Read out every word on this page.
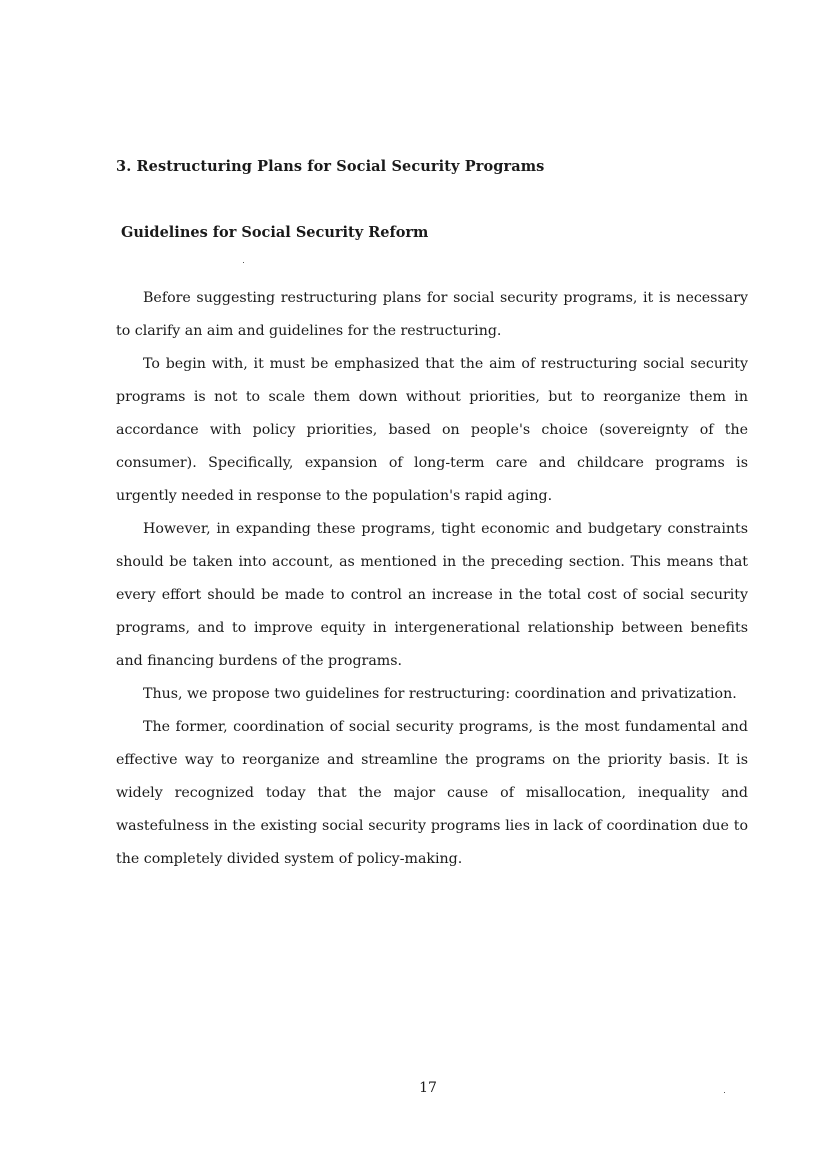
3. Restructuring Plans for Social Security Programs
Guidelines for Social Security Reform

Before suggesting restructuring plans for social security programs, it is necessary to clarify an aim and guidelines for the restructuring.

To begin with, it must be emphasized that the aim of restructuring social security programs is not to scale them down without priorities, but to reorganize them in accordance with policy priorities, based on people's choice (sovereignty of the consumer). Specifically, expansion of long-term care and childcare programs is urgently needed in response to the population's rapid aging.

However, in expanding these programs, tight economic and budgetary constraints should be taken into account, as mentioned in the preceding section. This means that every effort should be made to control an increase in the total cost of social security programs, and to improve equity in intergenerational relationship between benefits and financing burdens of the programs.

Thus, we propose two guidelines for restructuring: coordination and privatization.

The former, coordination of social security programs, is the most fundamental and effective way to reorganize and streamline the programs on the priority basis. It is widely recognized today that the major cause of misallocation, inequality and wastefulness in the existing social security programs lies in lack of coordination due to the completely divided system of policy-making.

17
